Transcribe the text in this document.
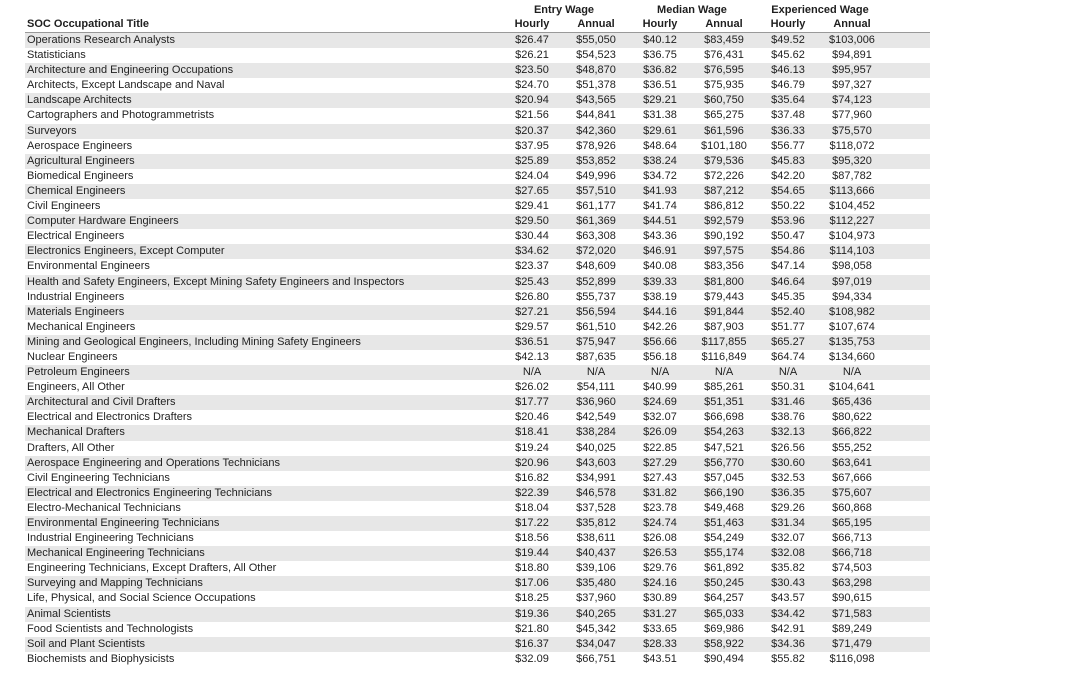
Entry Wage	Median Wage	Experienced Wage
SOC Occupational Title	Hourly	Annual	Hourly	Annual	Hourly	Annual
Operations Research Analysts	$26.47	$55,050	$40.12	$83,459	$49.52	$103,006
Statisticians	$26.21	$54,523	$36.75	$76,431	$45.62	$94,891
Architecture and Engineering Occupations	$23.50	$48,870	$36.82	$76,595	$46.13	$95,957
Architects, Except Landscape and Naval	$24.70	$51,378	$36.51	$75,935	$46.79	$97,327
Landscape Architects	$20.94	$43,565	$29.21	$60,750	$35.64	$74,123
Cartographers and Photogrammetrists	$21.56	$44,841	$31.38	$65,275	$37.48	$77,960
Surveyors	$20.37	$42,360	$29.61	$61,596	$36.33	$75,570
Aerospace Engineers	$37.95	$78,926	$48.64	$101,180	$56.77	$118,072
Agricultural Engineers	$25.89	$53,852	$38.24	$79,536	$45.83	$95,320
Biomedical Engineers	$24.04	$49,996	$34.72	$72,226	$42.20	$87,782
Chemical Engineers	$27.65	$57,510	$41.93	$87,212	$54.65	$113,666
Civil Engineers	$29.41	$61,177	$41.74	$86,812	$50.22	$104,452
Computer Hardware Engineers	$29.50	$61,369	$44.51	$92,579	$53.96	$112,227
Electrical Engineers	$30.44	$63,308	$43.36	$90,192	$50.47	$104,973
Electronics Engineers, Except Computer	$34.62	$72,020	$46.91	$97,575	$54.86	$114,103
Environmental Engineers	$23.37	$48,609	$40.08	$83,356	$47.14	$98,058
Health and Safety Engineers, Except Mining Safety Engineers and Inspectors	$25.43	$52,899	$39.33	$81,800	$46.64	$97,019
Industrial Engineers	$26.80	$55,737	$38.19	$79,443	$45.35	$94,334
Materials Engineers	$27.21	$56,594	$44.16	$91,844	$52.40	$108,982
Mechanical Engineers	$29.57	$61,510	$42.26	$87,903	$51.77	$107,674
Mining and Geological Engineers, Including Mining Safety Engineers	$36.51	$75,947	$56.66	$117,855	$65.27	$135,753
Nuclear Engineers	$42.13	$87,635	$56.18	$116,849	$64.74	$134,660
Petroleum Engineers	N/A	N/A	N/A	N/A	N/A	N/A
Engineers, All Other	$26.02	$54,111	$40.99	$85,261	$50.31	$104,641
Architectural and Civil Drafters	$17.77	$36,960	$24.69	$51,351	$31.46	$65,436
Electrical and Electronics Drafters	$20.46	$42,549	$32.07	$66,698	$38.76	$80,622
Mechanical Drafters	$18.41	$38,284	$26.09	$54,263	$32.13	$66,822
Drafters, All Other	$19.24	$40,025	$22.85	$47,521	$26.56	$55,252
Aerospace Engineering and Operations Technicians	$20.96	$43,603	$27.29	$56,770	$30.60	$63,641
Civil Engineering Technicians	$16.82	$34,991	$27.43	$57,045	$32.53	$67,666
Electrical and Electronics Engineering Technicians	$22.39	$46,578	$31.82	$66,190	$36.35	$75,607
Electro-Mechanical Technicians	$18.04	$37,528	$23.78	$49,468	$29.26	$60,868
Environmental Engineering Technicians	$17.22	$35,812	$24.74	$51,463	$31.34	$65,195
Industrial Engineering Technicians	$18.56	$38,611	$26.08	$54,249	$32.07	$66,713
Mechanical Engineering Technicians	$19.44	$40,437	$26.53	$55,174	$32.08	$66,718
Engineering Technicians, Except Drafters, All Other	$18.80	$39,106	$29.76	$61,892	$35.82	$74,503
Surveying and Mapping Technicians	$17.06	$35,480	$24.16	$50,245	$30.43	$63,298
Life, Physical, and Social Science Occupations	$18.25	$37,960	$30.89	$64,257	$43.57	$90,615
Animal Scientists	$19.36	$40,265	$31.27	$65,033	$34.42	$71,583
Food Scientists and Technologists	$21.80	$45,342	$33.65	$69,986	$42.91	$89,249
Soil and Plant Scientists	$16.37	$34,047	$28.33	$58,922	$34.36	$71,479
Biochemists and Biophysicists	$32.09	$66,751	$43.51	$90,494	$55.82	$116,098
